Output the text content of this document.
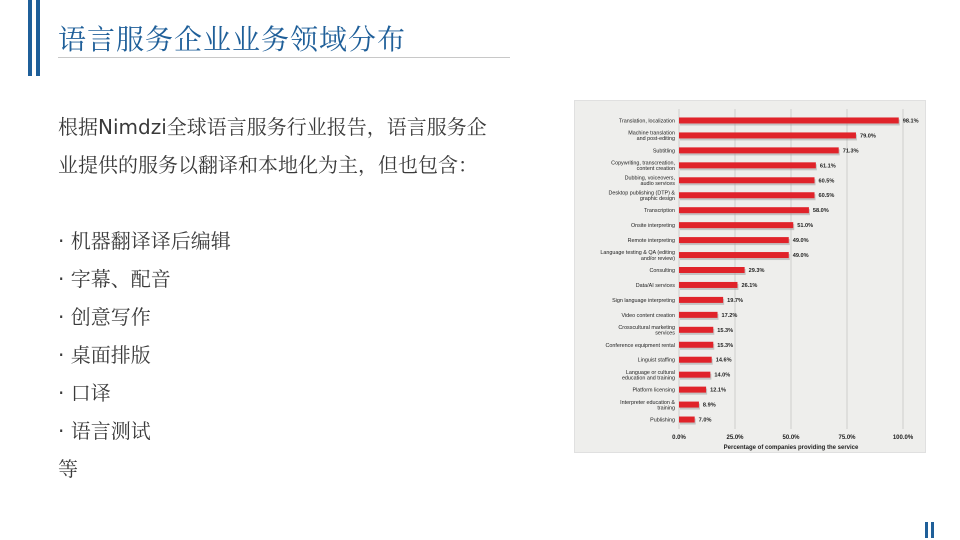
语言服务企业业务领域分布

根据Nimdzi全球语言服务行业报告，语言服务企业提供的服务以翻译和本地化为主，但也包含：

· 机器翻译译后编辑

· 字幕、配音

· 创意写作

· 桌面排版

· 口译

· 语言测试

等

0.0%	25.0%	50.0%	75.0%	100.0%
Percentage of companies providing the service
98.1%
Translation, localization
79.0%
Machine translation
and post-editing
71.3%
Subtitling
61.1%
Copywriting, transcreation,
content creation
60.5%
Dubbing, voiceovers,
audio services
60.5%
Desktop publishing (DTP) &
graphic design
58.0%
Transcription
51.0%
Onsite interpreting
49.0%
Remote interpreting
49.0%
Language testing & QA (editing
and/or review)
29.3%
Consulting
26.1%
Data/AI services
19.7%
Sign language interpreting
17.2%
Video content creation
15.3%
Crosscultural marketing
services
15.3%
Conference equipment rental
14.6%
Linguist staffing
14.0%
Language or cultural
education and training
12.1%
Platform licensing
8.9%
Interpreter education &
training
7.0%
Publishing
